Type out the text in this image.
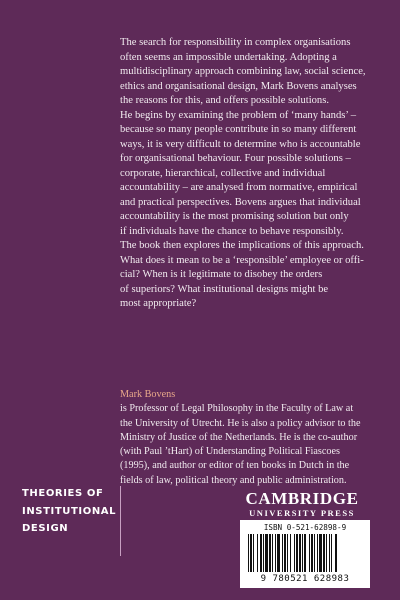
The search for responsibility in complex organisations

often seems an impossible undertaking. Adopting a

multidisciplinary approach combining law, social science,

ethics and organisational design, Mark Bovens analyses

the reasons for this, and offers possible solutions.

He begins by examining the problem of ‘many hands’ –

because so many people contribute in so many different

ways, it is very difficult to determine who is accountable

for organisational behaviour. Four possible solutions –

corporate, hierarchical, collective and individual

accountability – are analysed from normative, empirical

and practical perspectives. Bovens argues that individual

accountability is the most promising solution but only

if individuals have the chance to behave responsibly.

The book then explores the implications of this approach.

What does it mean to be a ‘responsible’ employee or offi-

cial? When is it legitimate to disobey the orders

of superiors? What institutional designs might be

most appropriate?

Mark Bovens
is Professor of Legal Philosophy in the Faculty of Law at
the University of Utrecht. He is also a policy advisor to the
Ministry of Justice of the Netherlands. He is the co-author
(with Paul ’tHart) of Understanding Political Fiascoes
(1995), and author or editor of ten books in Dutch in the
fields of law, political theory and public administration.
THEORIES OF
INSTITUTIONAL
DESIGN
CAMBRIDGE
UNIVERSITY PRESS
ISBN 0-521-62898-9
9 780521 628983
